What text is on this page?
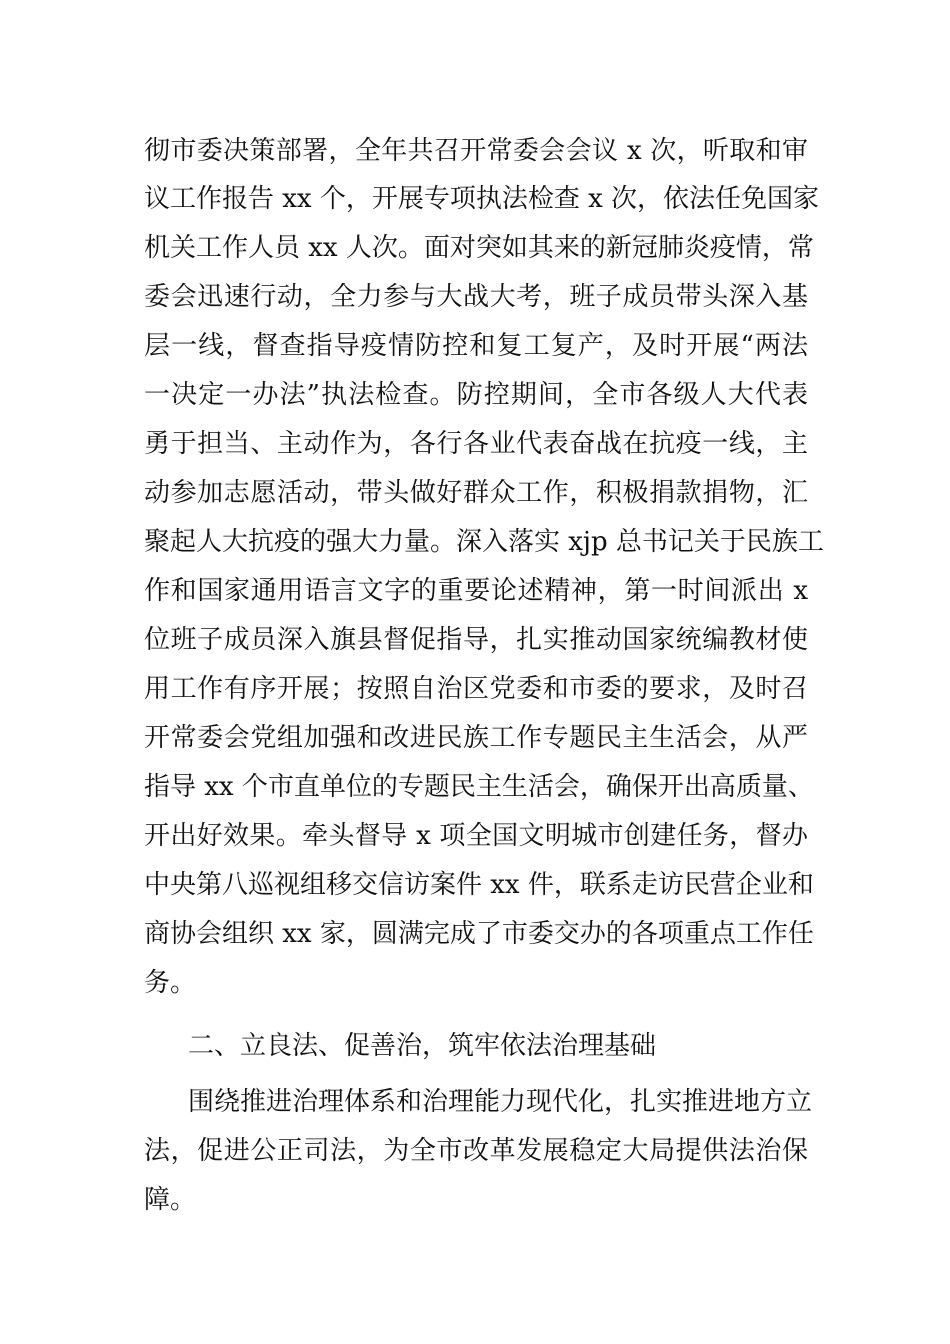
彻市委决策部署，全年共召开常委会会议 x 次，听取和审
议工作报告 xx 个，开展专项执法检查 x 次，依法任免国家
机关工作人员 xx 人次。面对突如其来的新冠肺炎疫情，常
委会迅速行动，全力参与大战大考，班子成员带头深入基
层一线，督查指导疫情防控和复工复产，及时开展“两法
一决定一办法”执法检查。防控期间，全市各级人大代表
勇于担当、主动作为，各行各业代表奋战在抗疫一线，主
动参加志愿活动，带头做好群众工作，积极捐款捐物，汇
聚起人大抗疫的强大力量。深入落实 xjp 总书记关于民族工
作和国家通用语言文字的重要论述精神，第一时间派出 x
位班子成员深入旗县督促指导，扎实推动国家统编教材使
用工作有序开展；按照自治区党委和市委的要求，及时召
开常委会党组加强和改进民族工作专题民主生活会，从严
指导 xx 个市直单位的专题民主生活会，确保开出高质量、
开出好效果。牵头督导 x 项全国文明城市创建任务，督办
中央第八巡视组移交信访案件 xx 件，联系走访民营企业和
商协会组织 xx 家，圆满完成了市委交办的各项重点工作任
务。
二、立良法、促善治，筑牢依法治理基础
围绕推进治理体系和治理能力现代化，扎实推进地方立
法，促进公正司法，为全市改革发展稳定大局提供法治保
障。
